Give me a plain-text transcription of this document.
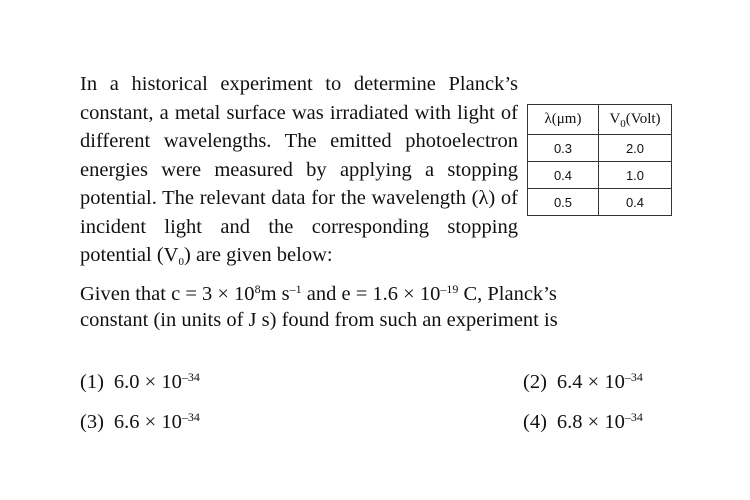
In a historical experiment to determine Planck’s constant, a metal surface was irradiated with light of different wavelengths. The emitted photoelectron energies were measured by applying a stopping potential. The relevant data for the wavelength (λ) of incident light and the corresponding stopping potential $(V_0)$ are given below:

λ(μm)	$V_0(Volt)$
0.3	2.0
0.4	1.0
0.5	0.4

Given that $c = 3 \times 10^8m$ $s^{-1}$ and $e = 1.6 \times 10^{-19}$ C, Planck’s constant (in units of J s) found from such an experiment is

(1) $6.0 \times 10^{-34}$	(2) $6.4 \times 10^{-34}$
(3) $6.6 \times 10^{-34}$	(4) $6.8 \times 10^{-34}$
